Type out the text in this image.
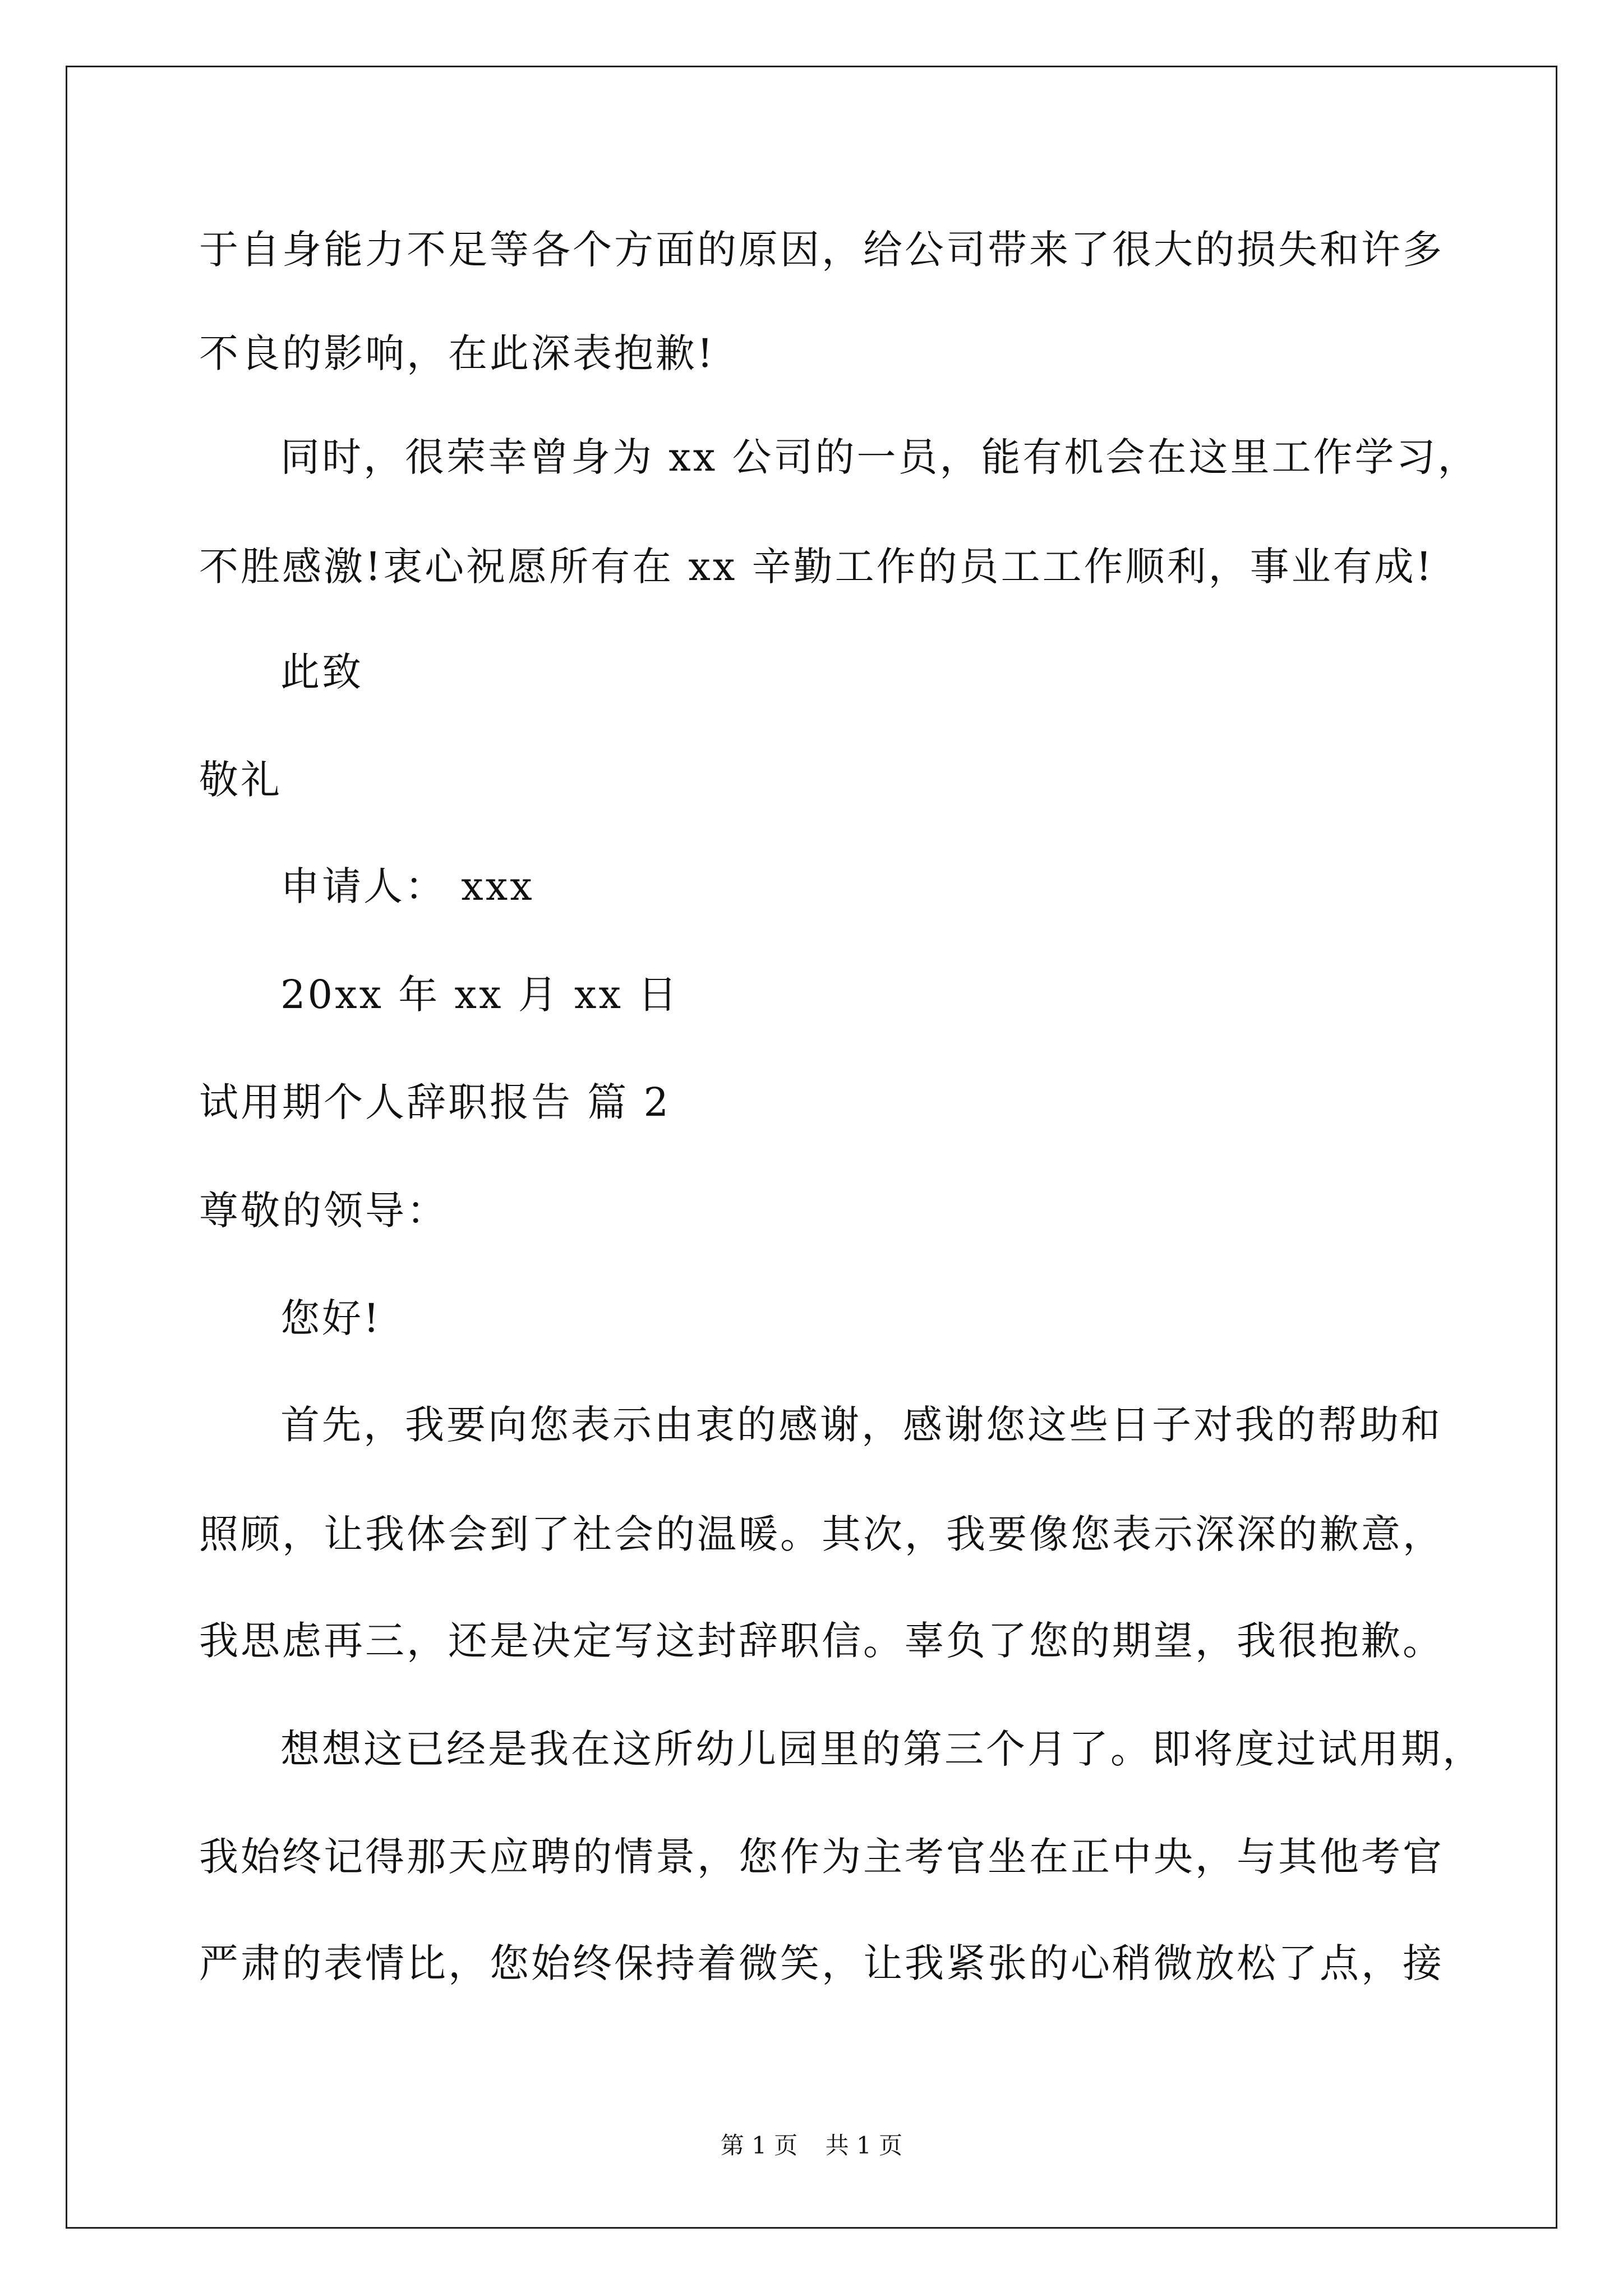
于自身能力不足等各个方面的原因，给公司带来了很大的损失和许多
不良的影响，在此深表抱歉!
同时，很荣幸曾身为 xx 公司的一员，能有机会在这里工作学习，
不胜感激!衷心祝愿所有在 xx 辛勤工作的员工工作顺利，事业有成!
此致
敬礼
申请人： xxx
20xx 年 xx 月 xx 日
试用期个人辞职报告 篇 2
尊敬的领导：
您好!
首先，我要向您表示由衷的感谢，感谢您这些日子对我的帮助和
照顾，让我体会到了社会的温暖。其次，我要像您表示深深的歉意，
我思虑再三，还是决定写这封辞职信。辜负了您的期望，我很抱歉。
想想这已经是我在这所幼儿园里的第三个月了。即将度过试用期，
我始终记得那天应聘的情景，您作为主考官坐在正中央，与其他考官
严肃的表情比，您始终保持着微笑，让我紧张的心稍微放松了点，接
第 1 页 共 1 页
